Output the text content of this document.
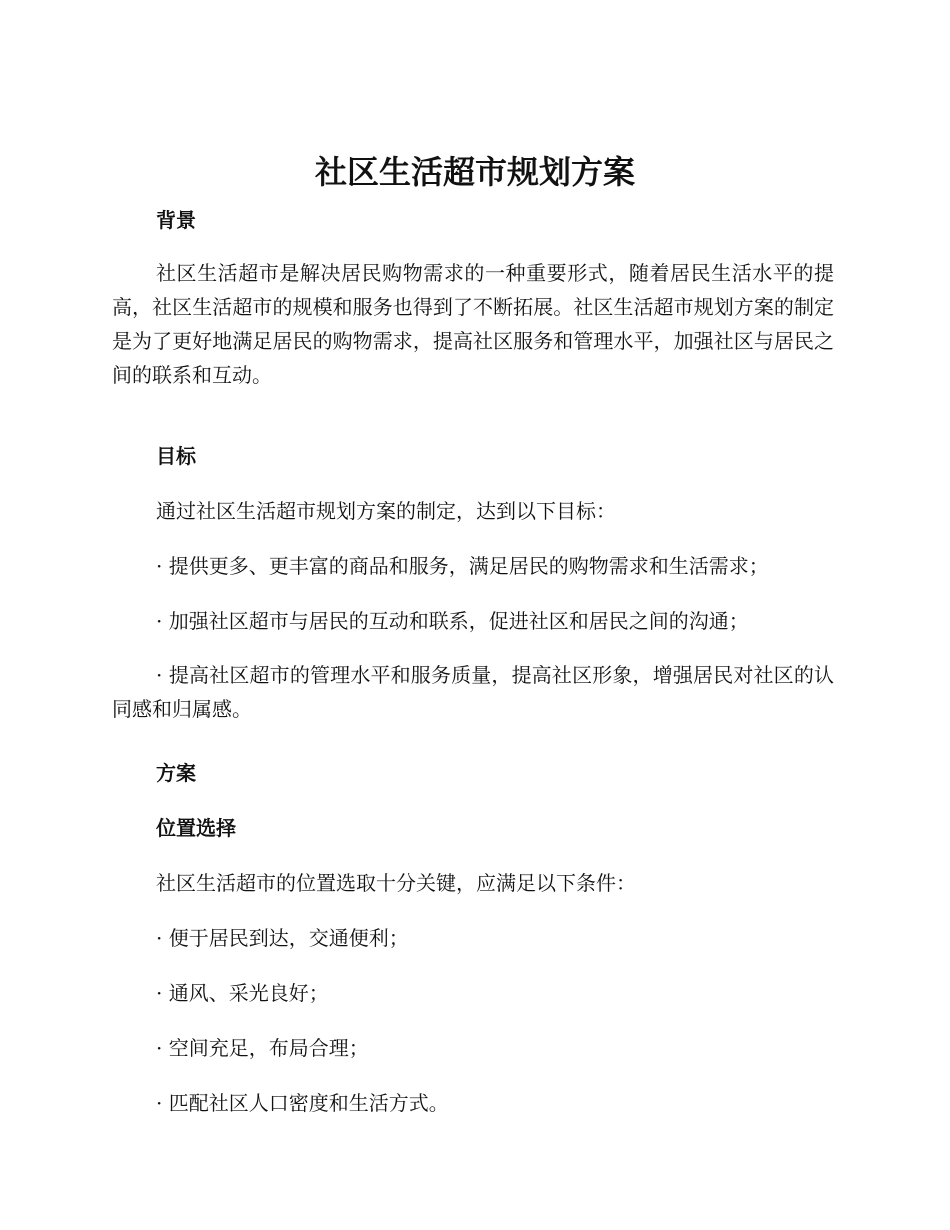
社区生活超市规划方案
背景

社区生活超市是解决居民购物需求的一种重要形式，随着居民生活水平的提高，社区生活超市的规模和服务也得到了不断拓展。社区生活超市规划方案的制定是为了更好地满足居民的购物需求，提高社区服务和管理水平，加强社区与居民之间的联系和互动。

目标

通过社区生活超市规划方案的制定，达到以下目标：

· 提供更多、更丰富的商品和服务，满足居民的购物需求和生活需求；

· 加强社区超市与居民的互动和联系，促进社区和居民之间的沟通；

· 提高社区超市的管理水平和服务质量，提高社区形象，增强居民对社区的认同感和归属感。

方案
位置选择

社区生活超市的位置选取十分关键，应满足以下条件：

· 便于居民到达，交通便利；

· 通风、采光良好；

· 空间充足，布局合理；

· 匹配社区人口密度和生活方式。
